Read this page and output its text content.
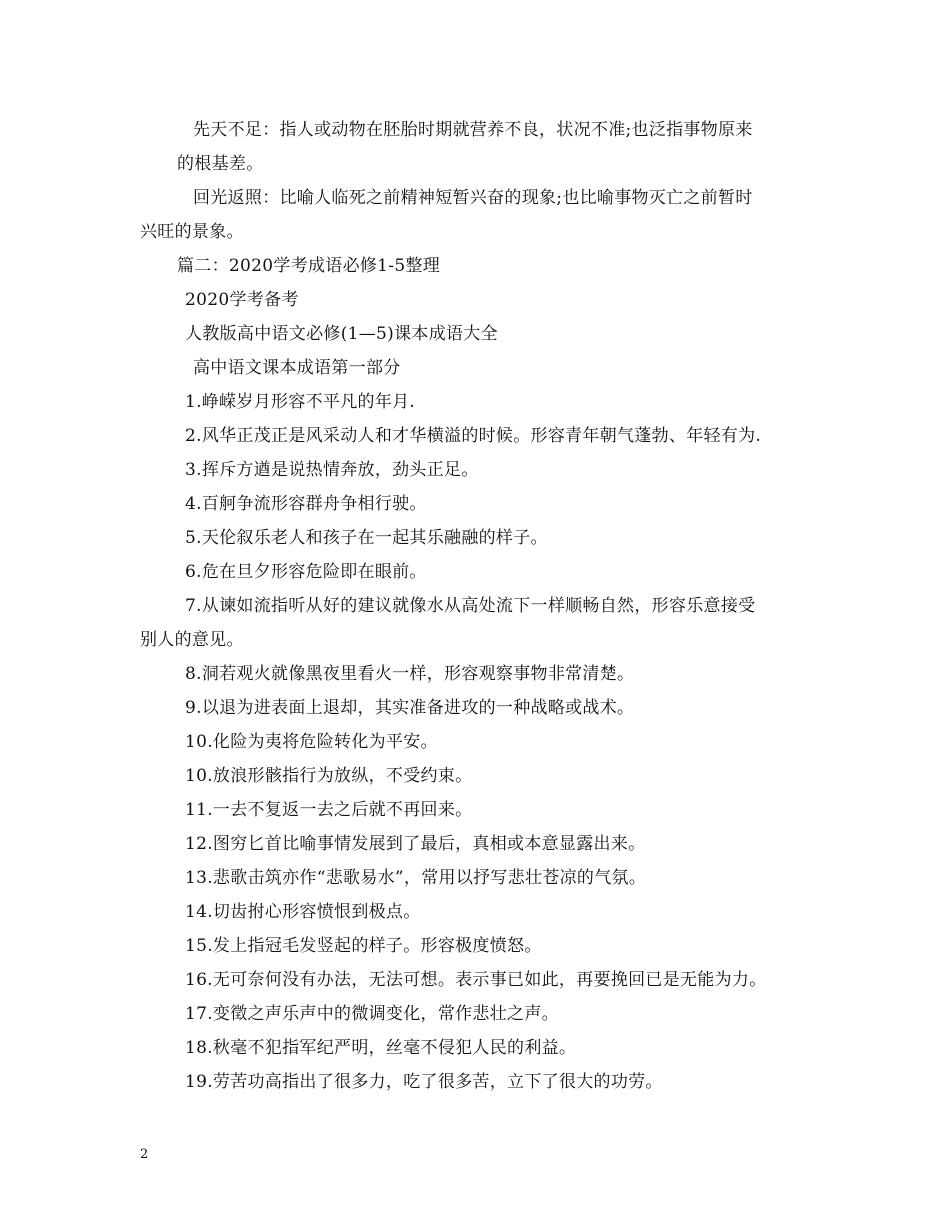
先天不足：指人或动物在胚胎时期就营养不良，状况不准;也泛指事物原来
的根基差。
回光返照：比喻人临死之前精神短暂兴奋的现象;也比喻事物灭亡之前暂时
兴旺的景象。
篇二：2020学考成语必修1-5整理
2020学考备考
人教版高中语文必修(1—5)课本成语大全
高中语文课本成语第一部分
1.峥嵘岁月形容不平凡的年月.
2.风华正茂正是风采动人和才华横溢的时候。形容青年朝气蓬勃、年轻有为.
3.挥斥方遒是说热情奔放，劲头正足。
4.百舸争流形容群舟争相行驶。
5.天伦叙乐老人和孩子在一起其乐融融的样子。
6.危在旦夕形容危险即在眼前。
7.从谏如流指听从好的建议就像水从高处流下一样顺畅自然，形容乐意接受
别人的意见。
8.洞若观火就像黑夜里看火一样，形容观察事物非常清楚。
9.以退为进表面上退却，其实准备进攻的一种战略或战术。
10.化险为夷将危险转化为平安。
10.放浪形骸指行为放纵，不受约束。
11.一去不复返一去之后就不再回来。
12.图穷匕首比喻事情发展到了最后，真相或本意显露出来。
13.悲歌击筑亦作“悲歌易水”，常用以抒写悲壮苍凉的气氛。
14.切齿拊心形容愤恨到极点。
15.发上指冠毛发竖起的样子。形容极度愤怒。
16.无可奈何没有办法，无法可想。表示事已如此，再要挽回已是无能为力。
17.变徵之声乐声中的微调变化，常作悲壮之声。
18.秋毫不犯指军纪严明，丝毫不侵犯人民的利益。
19.劳苦功高指出了很多力，吃了很多苦，立下了很大的功劳。
2
